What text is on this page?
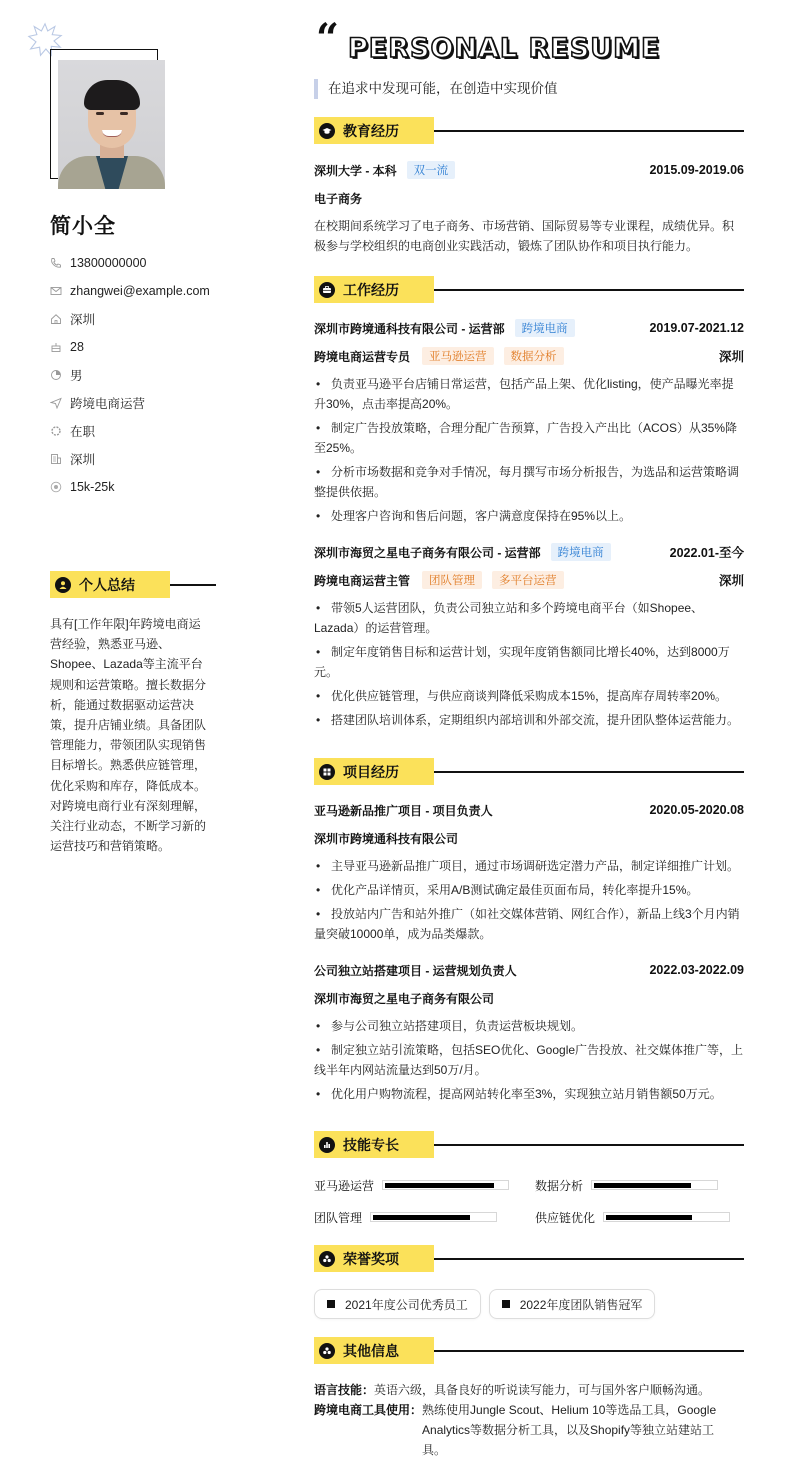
简小全
13800000000
zhangwei@example.com
深圳
28
男
跨境电商运营
在职
深圳
15k-25k
个人总结
具有[工作年限]年跨境电商运营经验，熟悉亚马逊、Shopee、Lazada等主流平台规则和运营策略。擅长数据分析，能通过数据驱动运营决策，提升店铺业绩。具备团队管理能力，带领团队实现销售目标增长。熟悉供应链管理，优化采购和库存，降低成本。对跨境电商行业有深刻理解，关注行业动态，不断学习新的运营技巧和营销策略。
“ PERSONAL RESUME
在追求中发现可能，在创造中实现价值
教育经历
深圳大学 - 本科	双一流	2015.09-2019.06
电子商务
在校期间系统学习了电子商务、市场营销、国际贸易等专业课程，成绩优异。积极参与学校组织的电商创业实践活动，锻炼了团队协作和项目执行能力。
工作经历
深圳市跨境通科技有限公司 - 运营部	跨境电商	2019.07-2021.12
跨境电商运营专员	亚马逊运营	数据分析	深圳
• 负责亚马逊平台店铺日常运营，包括产品上架、优化listing，使产品曝光率提升30%，点击率提高20%。
• 制定广告投放策略，合理分配广告预算，广告投入产出比（ACOS）从35%降至25%。
• 分析市场数据和竞争对手情况，每月撰写市场分析报告，为选品和运营策略调整提供依据。
• 处理客户咨询和售后问题，客户满意度保持在95%以上。
深圳市海贸之星电子商务有限公司 - 运营部	跨境电商	2022.01-至今
跨境电商运营主管	团队管理	多平台运营	深圳
• 带领5人运营团队，负责公司独立站和多个跨境电商平台（如Shopee、Lazada）的运营管理。
• 制定年度销售目标和运营计划，实现年度销售额同比增长40%，达到8000万元。
• 优化供应链管理，与供应商谈判降低采购成本15%，提高库存周转率20%。
• 搭建团队培训体系，定期组织内部培训和外部交流，提升团队整体运营能力。
项目经历
亚马逊新品推广项目 - 项目负责人	2020.05-2020.08
深圳市跨境通科技有限公司
• 主导亚马逊新品推广项目，通过市场调研选定潜力产品，制定详细推广计划。
• 优化产品详情页，采用A/B测试确定最佳页面布局，转化率提升15%。
• 投放站内广告和站外推广（如社交媒体营销、网红合作），新品上线3个月内销量突破10000单，成为品类爆款。
公司独立站搭建项目 - 运营规划负责人	2022.03-2022.09
深圳市海贸之星电子商务有限公司
• 参与公司独立站搭建项目，负责运营板块规划。
• 制定独立站引流策略，包括SEO优化、Google广告投放、社交媒体推广等，上线半年内网站流量达到50万/月。
• 优化用户购物流程，提高网站转化率至3%，实现独立站月销售额50万元。
技能专长
亚马逊运营	数据分析
团队管理	供应链优化
荣誉奖项
2021年度公司优秀员工	2022年度团队销售冠军
其他信息
语言技能： 英语六级，具备良好的听说读写能力，可与国外客户顺畅沟通。
跨境电商工具使用： 熟练使用Jungle Scout、Helium 10等选品工具，Google Analytics等数据分析工具，以及Shopify等独立站建站工具。
